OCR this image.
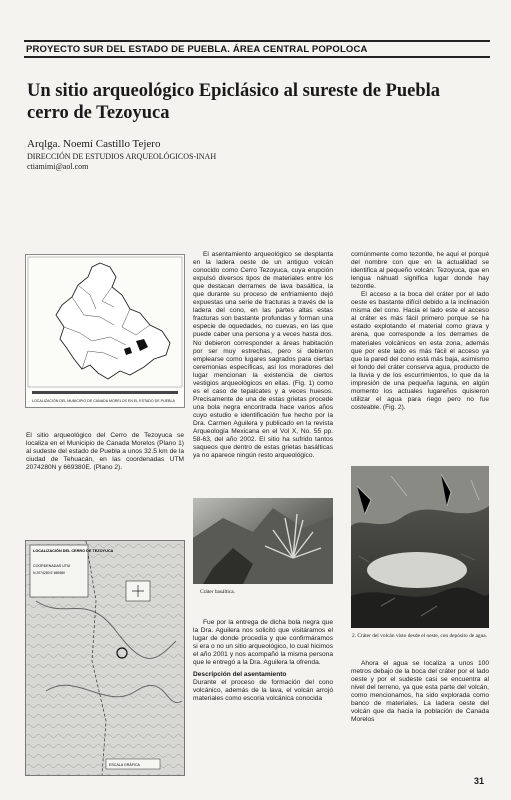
PROYECTO SUR DEL ESTADO DE PUEBLA. ÁREA CENTRAL POPOLOCA
Un sitio arqueológico Epiclásico al sureste de Puebla
cerro de Tezoyuca
Arqlga. Noemí Castillo Tejero
DIRECCIÓN DE ESTUDIOS ARQUEOLÓGICOS-INAH
ctiamimi@aol.com
LOCALIZACIÓN DEL MUNICIPIO DE CANADA MORELOS EN EL ESTADO DE PUEBLA

El sitio arqueológico del Cerro de Tezoyuca se localiza en el Municipio de Canada Morelos (Plano 1) al sudeste del estado de Puebla a unos 32.5 km de la ciudad de Tehuacán, en las coordenadas UTM 2074280N y 669380E. (Plano 2).

LOCALIZACIÓN DEL CERRO DE TEZOYUCA
COORDENADAS UTM
N 2074280 E 669380
ESCALA GRÁFICA

El asentamiento arqueológico se desplanta en la ladera oeste de un antiguo volcán conocido como Cerro Tezoyuca, cuya erupción expulsó diversos tipos de materiales entre los que destacan derrames de lava basáltica, la que durante su proceso de enfriamiento dejó expuestas una serie de fracturas a través de la ladera del cono, en las partes altas estas fracturas son bastante profundas y forman una especie de oquedades, no cuevas, en las que puede caber una persona y a veces hasta dos. No debieron corresponder a áreas habitación por ser muy estrechas, pero si debieron emplearse como lugares sagrados para ciertas ceremonias específicas, así los moradores del lugar mencionan la existencia de ciertos vestigios arqueológicos en ellas. (Fig. 1) como es el caso de tepalcates y a veces huesos. Precisamente de una de estas grietas procede una bola negra encontrada hace varios años cuyo estudio e identificación fue hecho por la Dra. Carmen Aguilera y publicado en la revista Arqueología Mexicana en el Vol X, No. 55 pp. 58-63, del año 2002. El sitio ha sufrido tantos saqueos que dentro de estas grietas basálticas ya no aparece ningún resto arqueológico.

Cráter basáltica.

Fue por la entrega de dicha bola negra que la Dra. Aguilera nos solicitó que visitáramos el lugar de donde procedía y que confirmáramos si era o no un sitio arqueológico, lo cual hicimos el año 2001 y nos acompañó la misma persona que le entregó a la Dra. Aguilera la ofrenda.

Descripción del asentamiento

Durante el proceso de formación del cono volcánico, además de la lava, el volcán arrojó materiales como escoria volcánica conocida

comúnmente como tezontle, he aquí el porqué del nombre con que en la actualidad se identifica al pequeño volcán: Tezoyuca, que en lengua náhuatl significa lugar donde hay tezontle.

El acceso a la boca del cráter por el lado oeste es bastante difícil debido a la inclinación misma del cono. Hacia el lado este el acceso al cráter es más fácil primero porque se ha estado explotando el material como grava y arena, que corresponde a los derrames de materiales volcánicos en esta zona, además que por este lado es más fácil el acceso ya que la pared del cono está más baja, asimismo el fondo del cráter conserva agua, producto de la lluvia y de los escurrimientos, lo que da la impresión de una pequeña laguna, en algún momento los actuales lugareños quisieron utilizar el agua para riego pero no fue costeable. (Fig. 2).

2. Cráter del volcán visto desde el oeste, con depósito de agua.

Ahora el agua se localiza a unos 100 metros debajo de la boca del cráter por el lado oeste y por el sudeste casi se encuentra al nivel del terreno, ya que esta parte del volcán, como mencionamos, ha sido explorada como banco de materiales. La ladera oeste del volcán que da hacia la población de Canada Morelos

31
